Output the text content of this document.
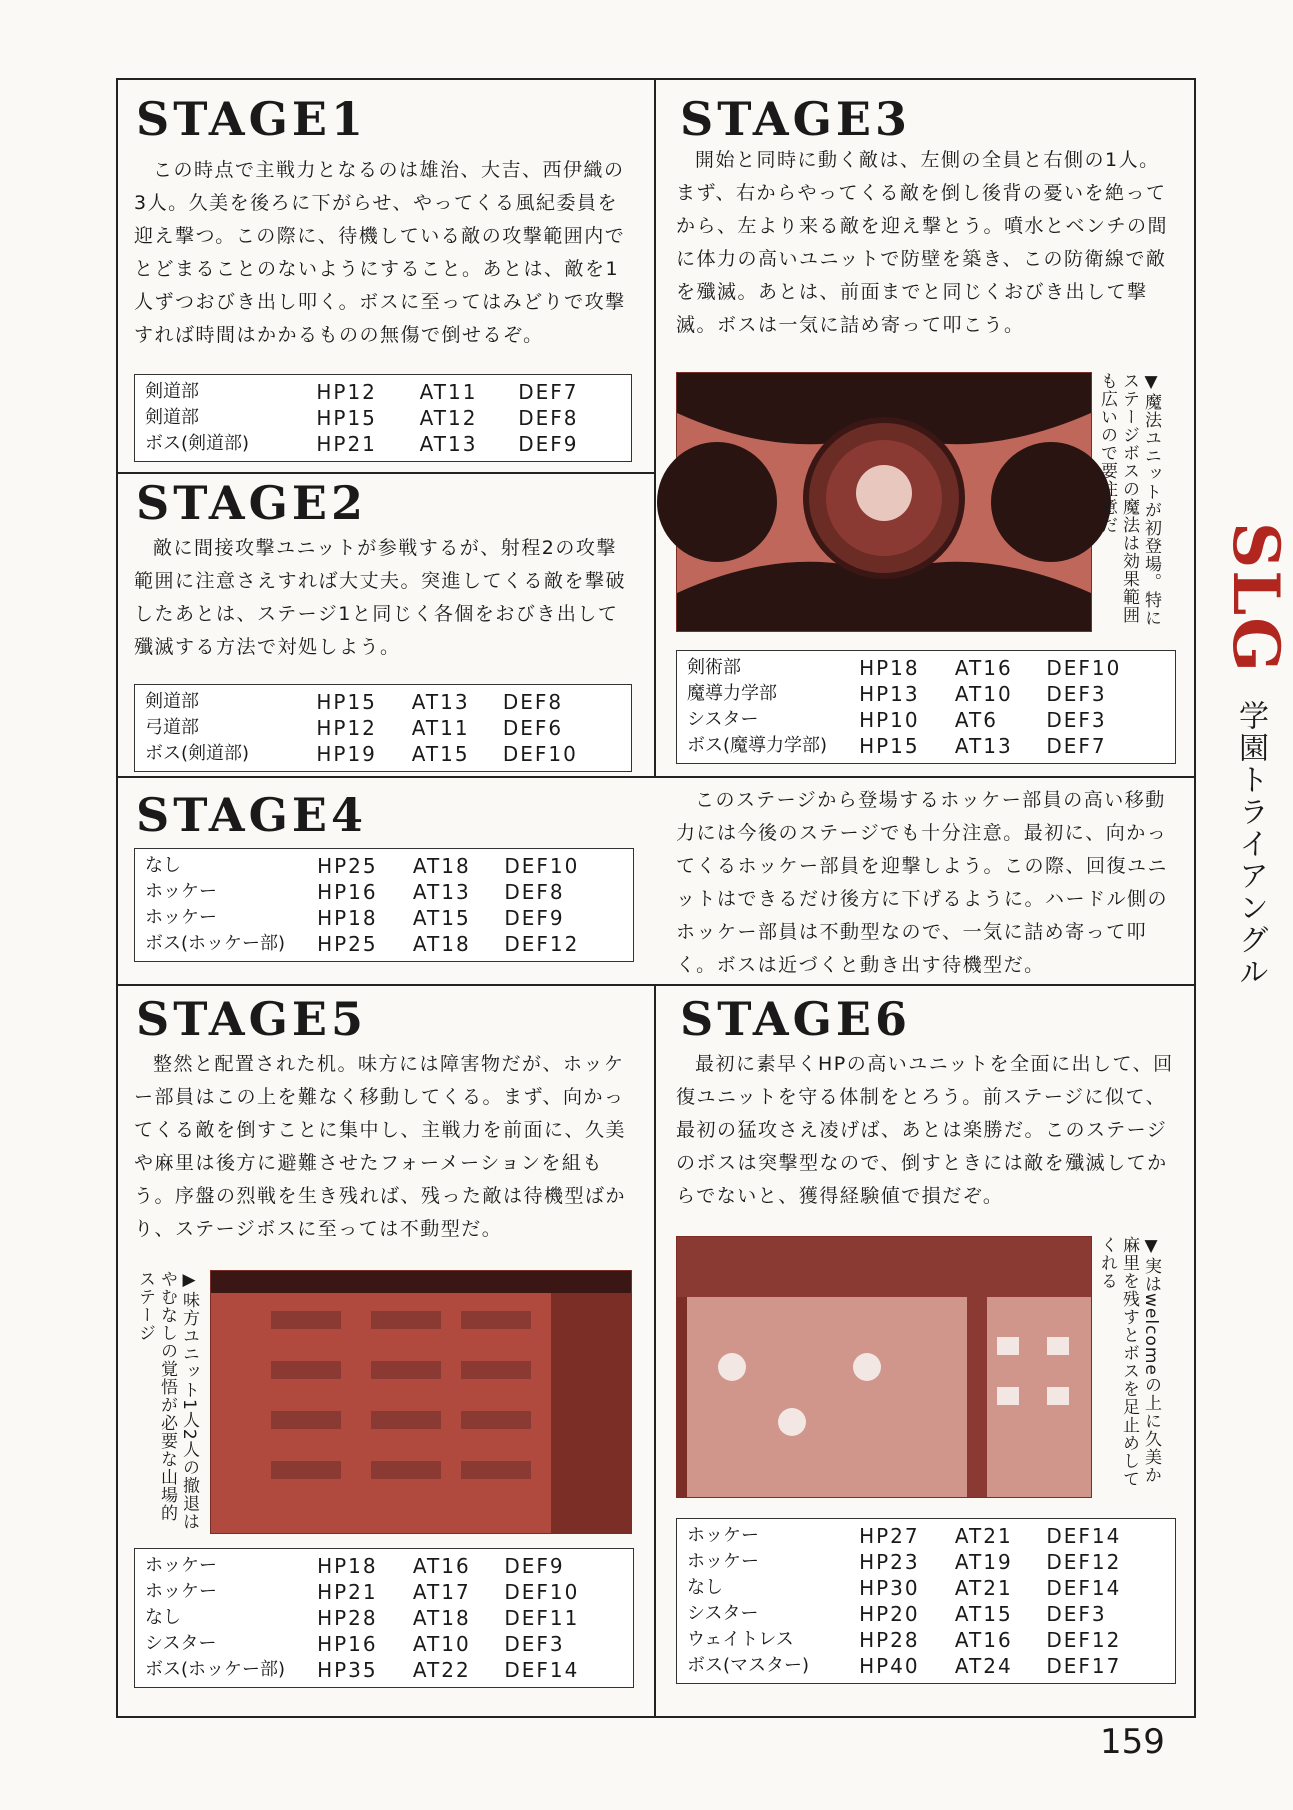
STAGE1
この時点で主戦力となるのは雄治、大吉、西伊織の3人。久美を後ろに下がらせ、やってくる風紀委員を迎え撃つ。この際に、待機している敵の攻撃範囲内でとどまることのないようにすること。あとは、敵を1人ずつおびき出し叩く。ボスに至ってはみどりで攻撃すれば時間はかかるものの無傷で倒せるぞ。
剣道部	HP12	AT11	DEF7
剣道部	HP15	AT12	DEF8
ボス(剣道部)	HP21	AT13	DEF9
STAGE2
敵に間接攻撃ユニットが参戦するが、射程2の攻撃範囲に注意さえすれば大丈夫。突進してくる敵を撃破したあとは、ステージ1と同じく各個をおびき出して殲滅する方法で対処しよう。
剣道部	HP15	AT13	DEF8
弓道部	HP12	AT11	DEF6
ボス(剣道部)	HP19	AT15	DEF10
STAGE3
開始と同時に動く敵は、左側の全員と右側の1人。まず、右からやってくる敵を倒し後背の憂いを絶ってから、左より来る敵を迎え撃とう。噴水とベンチの間に体力の高いユニットで防壁を築き、この防衛線で敵を殲滅。あとは、前面までと同じくおびき出して撃滅。ボスは一気に詰め寄って叩こう。
▼魔法ユニットが初登場。特にステージボスの魔法は効果範囲も広いので要注意だ
剣術部	HP18	AT16	DEF10
魔導力学部	HP13	AT10	DEF3
シスター	HP10	AT6	DEF3
ボス(魔導力学部)	HP15	AT13	DEF7
STAGE4
なし	HP25	AT18	DEF10
ホッケー	HP16	AT13	DEF8
ホッケー	HP18	AT15	DEF9
ボス(ホッケー部)	HP25	AT18	DEF12
このステージから登場するホッケー部員の高い移動力には今後のステージでも十分注意。最初に、向かってくるホッケー部員を迎撃しよう。この際、回復ユニットはできるだけ後方に下げるように。ハードル側のホッケー部員は不動型なので、一気に詰め寄って叩く。ボスは近づくと動き出す待機型だ。
STAGE5
整然と配置された机。味方には障害物だが、ホッケー部員はこの上を難なく移動してくる。まず、向かってくる敵を倒すことに集中し、主戦力を前面に、久美や麻里は後方に避難させたフォーメーションを組もう。序盤の烈戦を生き残れば、残った敵は待機型ばかり、ステージボスに至っては不動型だ。
▶味方ユニット1人2人の撤退はやむなしの覚悟が必要な山場的ステージ
ホッケー	HP18	AT16	DEF9
ホッケー	HP21	AT17	DEF10
なし	HP28	AT18	DEF11
シスター	HP16	AT10	DEF3
ボス(ホッケー部)	HP35	AT22	DEF14
STAGE6
最初に素早くHPの高いユニットを全面に出して、回復ユニットを守る体制をとろう。前ステージに似て、最初の猛攻さえ凌げば、あとは楽勝だ。このステージのボスは突撃型なので、倒すときには敵を殲滅してからでないと、獲得経験値で損だぞ。
▼実はwelcomeの上に久美か麻里を残すとボスを足止めしてくれる
ホッケー	HP27	AT21	DEF14
ホッケー	HP23	AT19	DEF12
なし	HP30	AT21	DEF14
シスター	HP20	AT15	DEF3
ウェイトレス	HP28	AT16	DEF12
ボス(マスター)	HP40	AT24	DEF17
SLG
学園トライアングル
159
